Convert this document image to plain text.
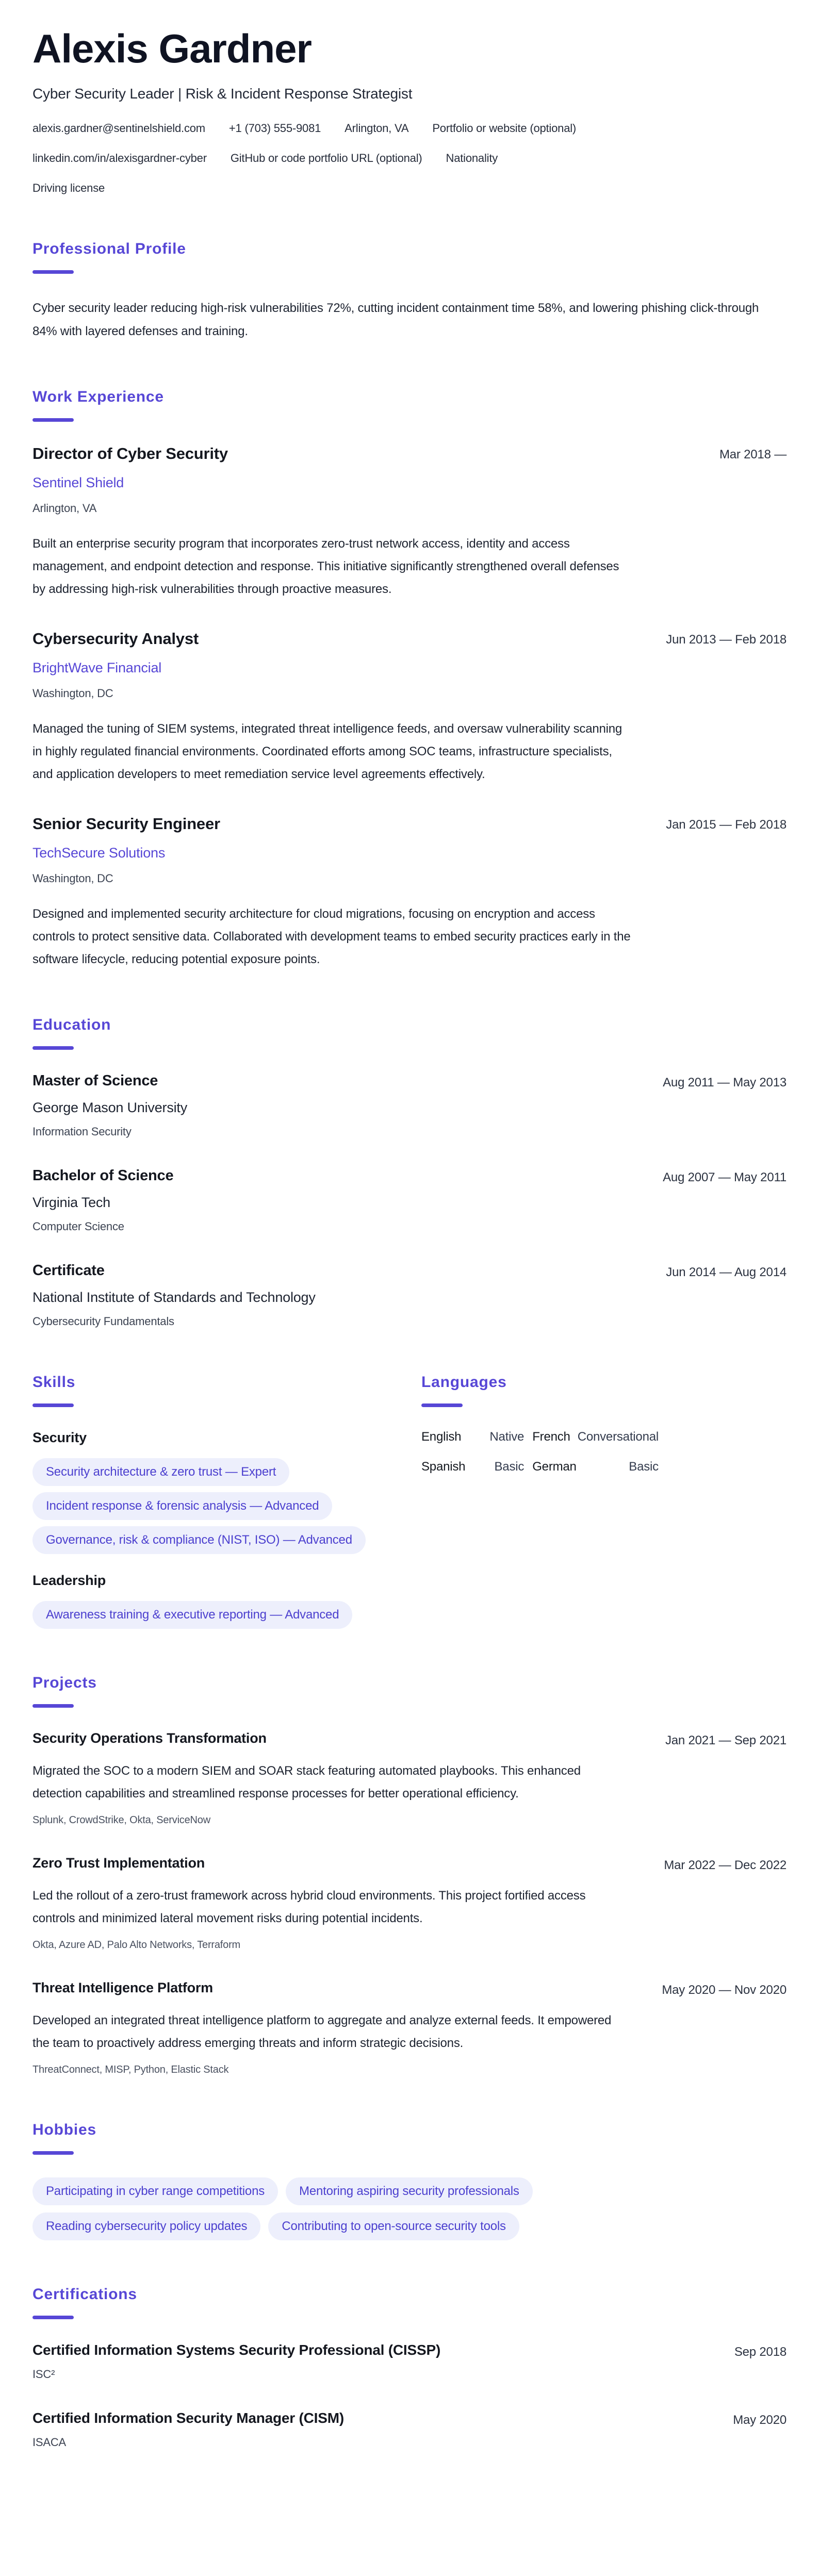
Alexis Gardner
Cyber Security Leader | Risk & Incident Response Strategist
alexis.gardner@sentinelshield.com +1 (703) 555-9081 Arlington, VA Portfolio or website (optional)
linkedin.com/in/alexisgardner-cyber GitHub or code portfolio URL (optional) Nationality
Driving license
Professional Profile

Cyber security leader reducing high-risk vulnerabilities 72%, cutting incident containment time 58%, and lowering phishing click-through 84% with layered defenses and training.

Work Experience
Director of Cyber Security
Sentinel Shield
Arlington, VA

Built an enterprise security program that incorporates zero-trust network access, identity and access management, and endpoint detection and response. This initiative significantly strengthened overall defenses by addressing high-risk vulnerabilities through proactive measures.

Mar 2018 —
Cybersecurity Analyst
BrightWave Financial
Washington, DC

Managed the tuning of SIEM systems, integrated threat intelligence feeds, and oversaw vulnerability scanning in highly regulated financial environments. Coordinated efforts among SOC teams, infrastructure specialists, and application developers to meet remediation service level agreements effectively.

Jun 2013 — Feb 2018
Senior Security Engineer
TechSecure Solutions
Washington, DC

Designed and implemented security architecture for cloud migrations, focusing on encryption and access controls to protect sensitive data. Collaborated with development teams to embed security practices early in the software lifecycle, reducing potential exposure points.

Jan 2015 — Feb 2018
Education
Master of Science
George Mason University
Information Security
Aug 2011 — May 2013
Bachelor of Science
Virginia Tech
Computer Science
Aug 2007 — May 2011
Certificate
National Institute of Standards and Technology
Cybersecurity Fundamentals
Jun 2014 — Aug 2014
Skills
Security
Security architecture & zero trust — Expert
Incident response & forensic analysis — Advanced
Governance, risk & compliance (NIST, ISO) — Advanced
Leadership
Awareness training & executive reporting — Advanced
Languages
English Native French Conversational
Spanish Basic German	Basic
Projects
Security Operations Transformation

Migrated the SOC to a modern SIEM and SOAR stack featuring automated playbooks. This enhanced detection capabilities and streamlined response processes for better operational efficiency.

Splunk, CrowdStrike, Okta, ServiceNow
Jan 2021 — Sep 2021
Zero Trust Implementation

Led the rollout of a zero-trust framework across hybrid cloud environments. This project fortified access controls and minimized lateral movement risks during potential incidents.

Okta, Azure AD, Palo Alto Networks, Terraform
Mar 2022 — Dec 2022
Threat Intelligence Platform

Developed an integrated threat intelligence platform to aggregate and analyze external feeds. It empowered the team to proactively address emerging threats and inform strategic decisions.

ThreatConnect, MISP, Python, Elastic Stack
May 2020 — Nov 2020
Hobbies
Participating in cyber range competitions	Mentoring aspiring security professionals
Reading cybersecurity policy updates	Contributing to open-source security tools
Certifications
Certified Information Systems Security Professional (CISSP)
ISC²
Sep 2018
Certified Information Security Manager (CISM)
ISACA
May 2020
